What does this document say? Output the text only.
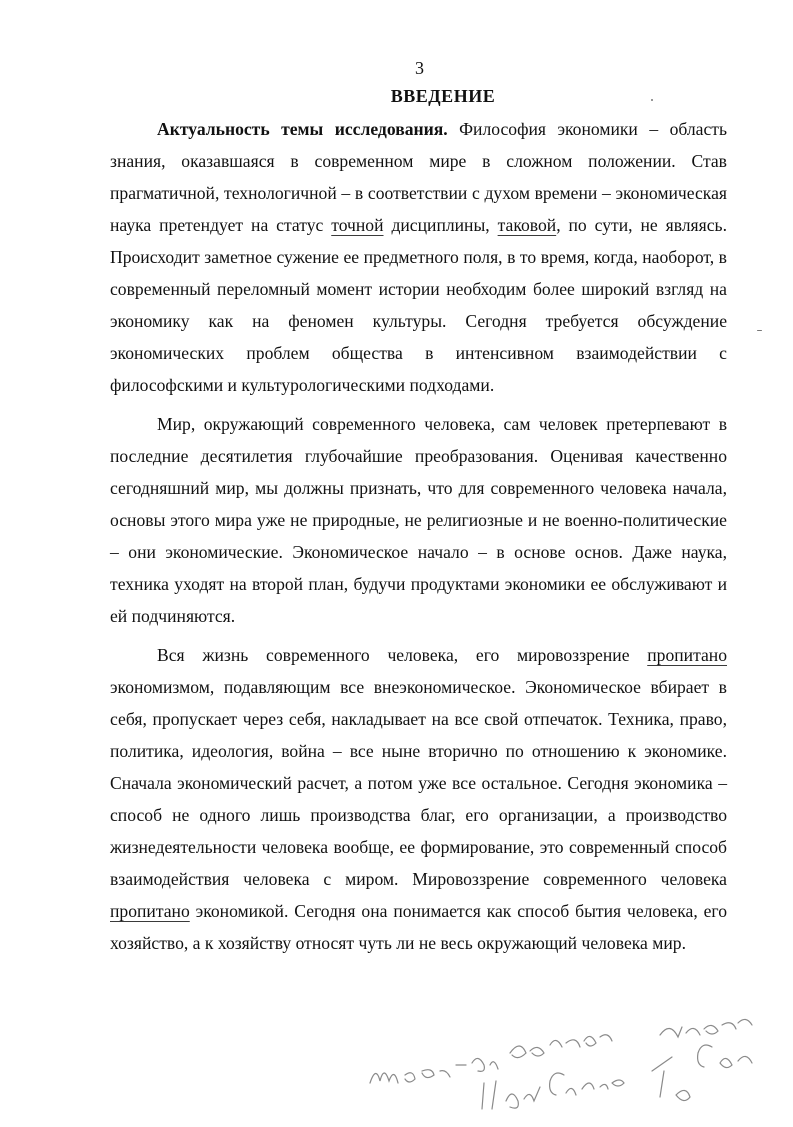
3
ВВЕДЕНИЕ

Актуальность темы исследования. Философия экономики – область знания, оказавшаяся в современном мире в сложном положении. Став прагматичной, технологичной – в соответствии с духом времени – экономическая наука претендует на статус точной дисциплины, таковой, по сути, не являясь. Происходит заметное сужение ее предметного поля, в то время, когда, наоборот, в современный переломный момент истории необходим более широкий взгляд на экономику как на феномен культуры. Сегодня требуется обсуждение экономических проблем общества в интенсивном взаимодействии с философскими и культурологическими подходами.

Мир, окружающий современного человека, сам человек претерпевают в последние десятилетия глубочайшие преобразования. Оценивая качественно сегодняшний мир, мы должны признать, что для современного человека начала, основы этого мира уже не природные, не религиозные и не военно-политические – они экономические. Экономическое начало – в основе основ. Даже наука, техника уходят на второй план, будучи продуктами экономики ее обслуживают и ей подчиняются.

Вся жизнь современного человека, его мировоззрение пропитано экономизмом, подавляющим все внеэкономическое. Экономическое вбирает в себя, пропускает через себя, накладывает на все свой отпечаток. Техника, право, политика, идеология, война – все ныне вторично по отношению к экономике. Сначала экономический расчет, а потом уже все остальное. Сегодня экономика – способ не одного лишь производства благ, его организации, а производство жизнедеятельности человека вообще, ее формирование, это современный способ взаимодействия человека с миром. Мировоззрение современного человека пропитано экономикой. Сегодня она понимается как способ бытия человека, его хозяйство, а к хозяйству относят чуть ли не весь окружающий человека мир.
